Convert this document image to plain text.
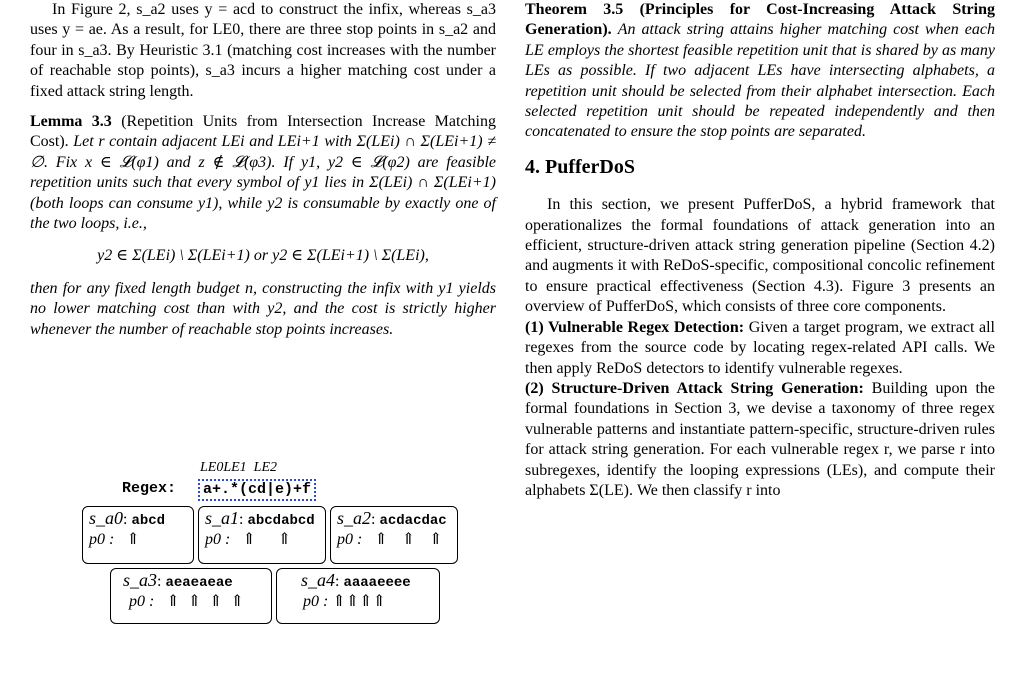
In Figure 2, s_a2 uses y = acd to construct the infix, whereas s_a3 uses y = ae. As a result, for LE0, there are three stop points in s_a2 and four in s_a3. By Heuristic 3.1 (matching cost increases with the number of reachable stop points), s_a3 incurs a higher matching cost under a fixed attack string length.

Lemma 3.3 (Repetition Units from Intersection Increase Matching Cost). Let r contain adjacent LEi and LEi+1 with Σ(LEi) ∩ Σ(LEi+1) ≠ ∅. Fix x ∈ 𝓛(φ1) and z ∉ 𝓛(φ3). If y1, y2 ∈ 𝓛(φ2) are feasible repetition units such that every symbol of y1 lies in Σ(LEi) ∩ Σ(LEi+1) (both loops can consume y1), while y2 is consumable by exactly one of the two loops, i.e.,

y2 ∈ Σ(LEi) \ Σ(LEi+1) or y2 ∈ Σ(LEi+1) \ Σ(LEi),

then for any fixed length budget n, constructing the infix with y1 yields no lower matching cost than with y2, and the cost is strictly higher whenever the number of reachable stop points increases.

LE0LE1  LE2
Regex:	a+.*(cd|e)+f
s_a0: abcd
p0 : ⇑
s_a1: abcdabcd
p0 : ⇑ ⇑
s_a2: acdacdac
p0 : ⇑ ⇑ ⇑
s_a3: aeaeaeae
p0 : ⇑ ⇑ ⇑ ⇑
s_a4: aaaaeeee
p0 : ⇑⇑⇑⇑

Theorem 3.5 (Principles for Cost-Increasing Attack String Generation). An attack string attains higher matching cost when each LE employs the shortest feasible repetition unit that is shared by as many LEs as possible. If two adjacent LEs have intersecting alphabets, a repetition unit should be selected from their alphabet intersection. Each selected repetition unit should be repeated independently and then concatenated to ensure the stop points are separated.

4. PufferDoS

In this section, we present PufferDoS, a hybrid framework that operationalizes the formal foundations of attack generation into an efficient, structure-driven attack string generation pipeline (Section 4.2) and augments it with ReDoS-specific, compositional concolic refinement to ensure practical effectiveness (Section 4.3). Figure 3 presents an overview of PufferDoS, which consists of three core components.

(1) Vulnerable Regex Detection: Given a target program, we extract all regexes from the source code by locating regex-related API calls. We then apply ReDoS detectors to identify vulnerable regexes.

(2) Structure-Driven Attack String Generation: Building upon the formal foundations in Section 3, we devise a taxonomy of three regex vulnerable patterns and instantiate pattern-specific, structure-driven rules for attack string generation. For each vulnerable regex r, we parse r into subregexes, identify the looping expressions (LEs), and compute their alphabets Σ(LE). We then classify r into
